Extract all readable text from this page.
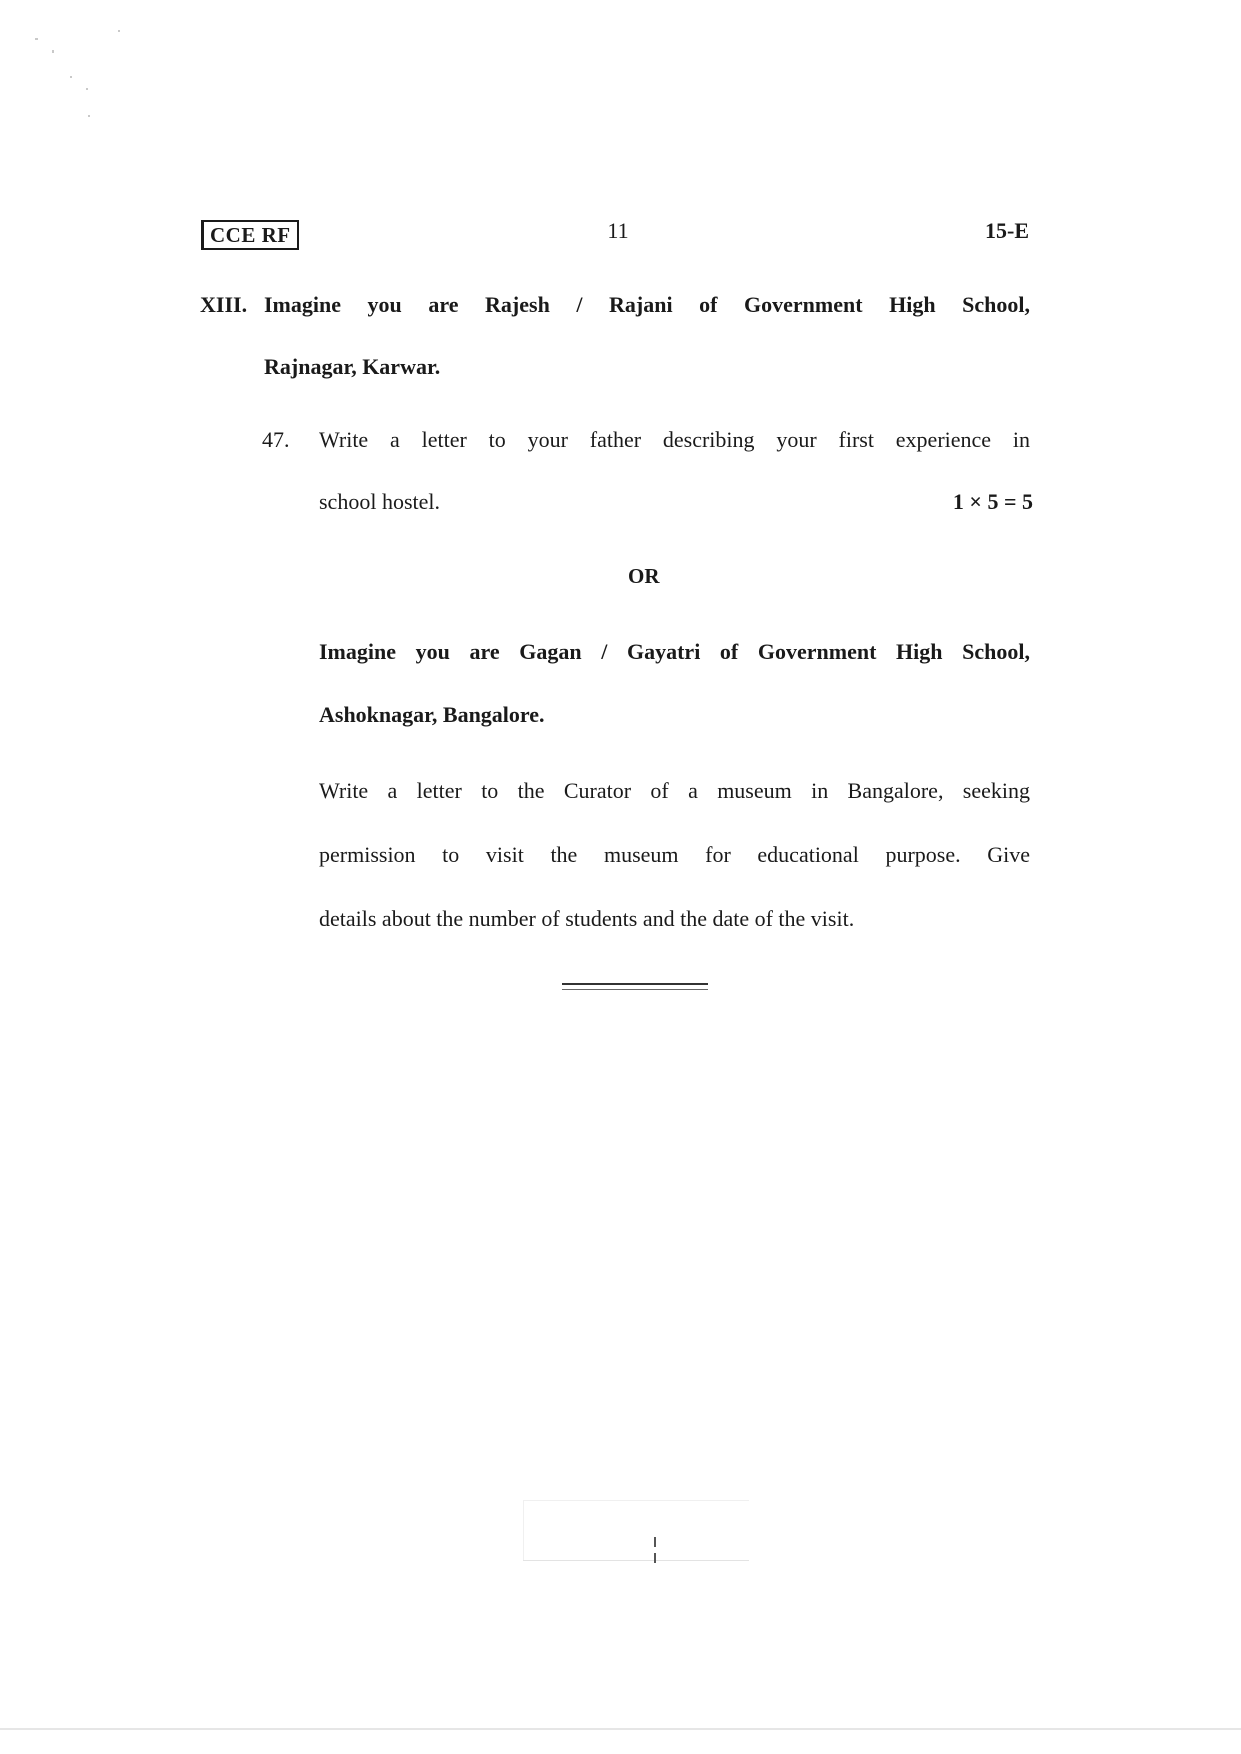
CCE RF	11	15-E
XIII. Imagine you are Rajesh / Rajani of Government High School,
Rajnagar, Karwar.
47. Write a letter to your father describing your first experience in
school hostel.	1 × 5 = 5
OR
Imagine you are Gagan / Gayatri of Government High School,
Ashoknagar, Bangalore.
Write a letter to the Curator of a museum in Bangalore, seeking
permission to visit the museum for educational purpose. Give
details about the number of students and the date of the visit.
